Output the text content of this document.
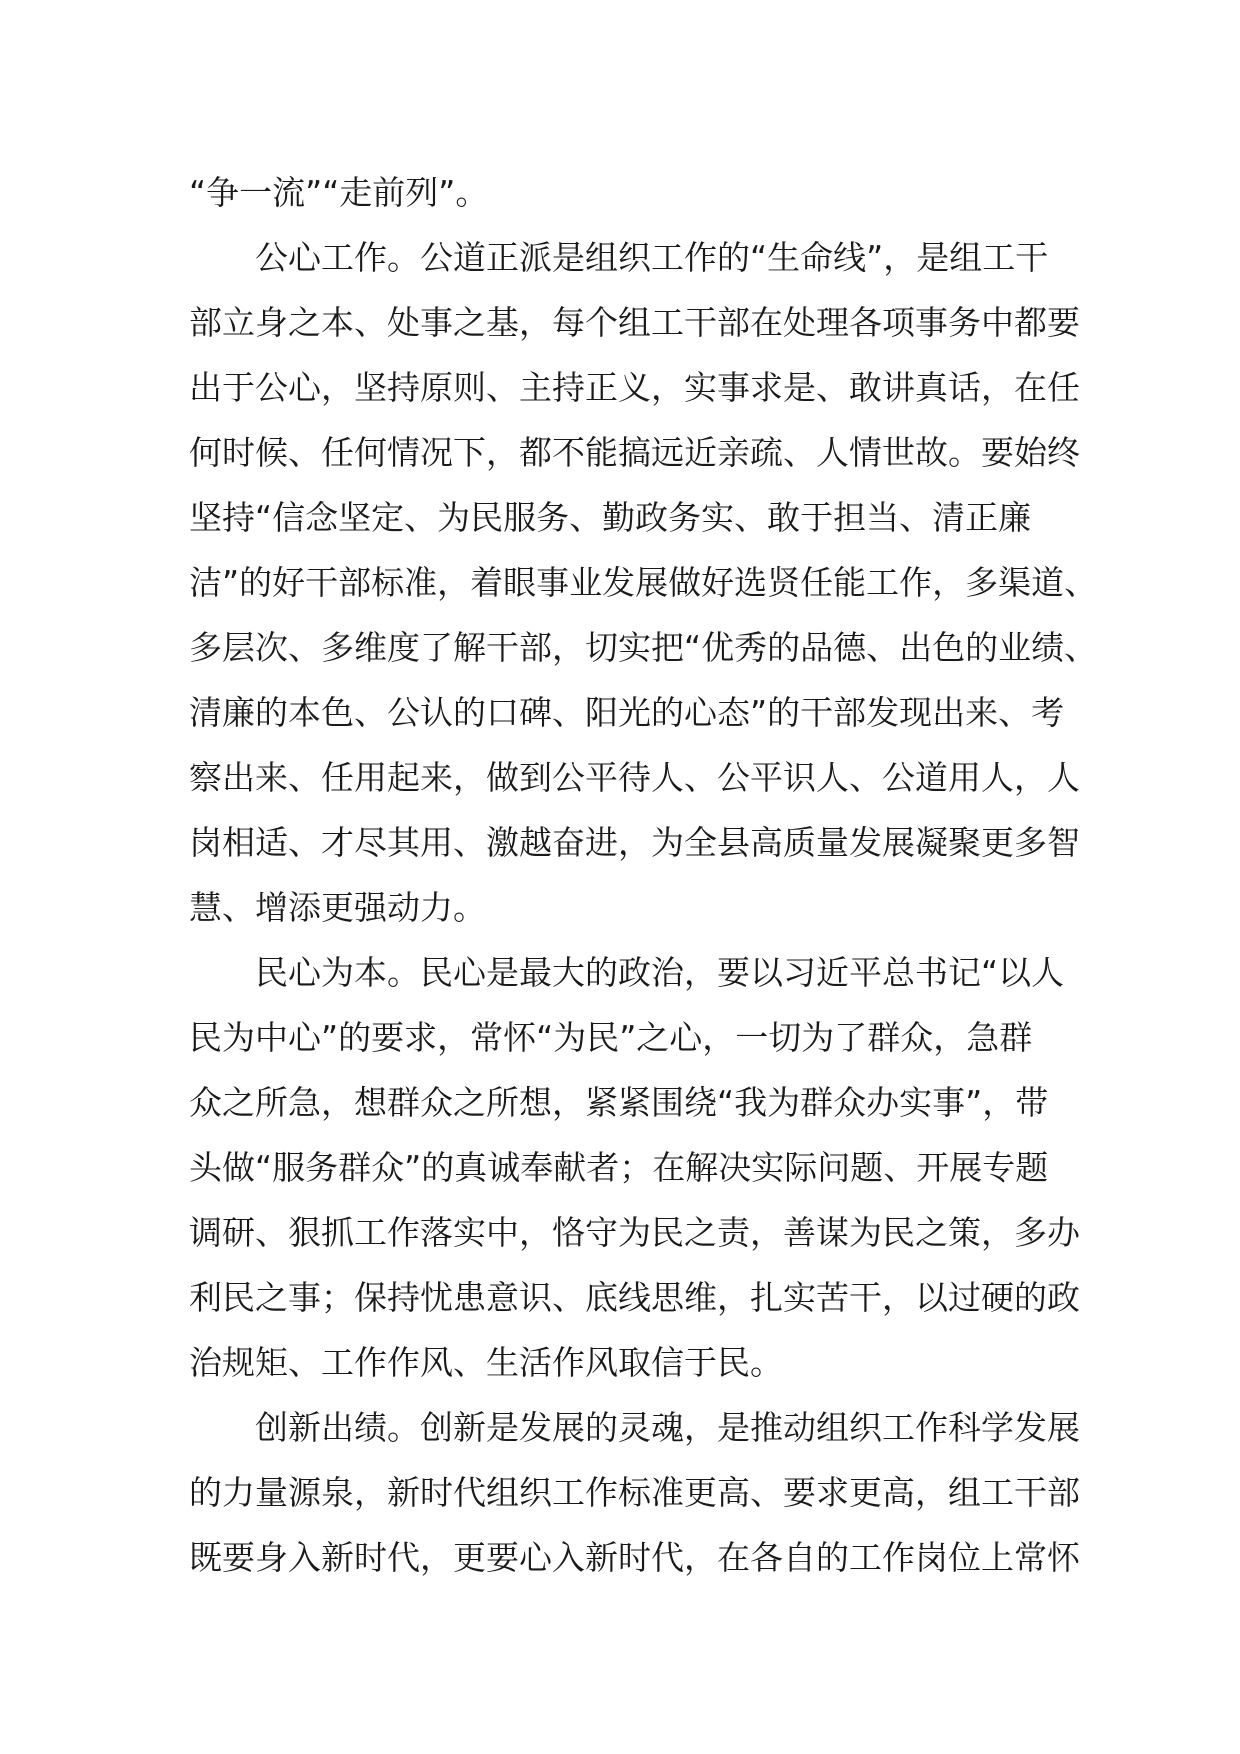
“争一流”“走前列”。
公心工作。公道正派是组织工作的“生命线”，是组工干
部立身之本、处事之基，每个组工干部在处理各项事务中都要
出于公心，坚持原则、主持正义，实事求是、敢讲真话，在任
何时候、任何情况下，都不能搞远近亲疏、人情世故。要始终
坚持“信念坚定、为民服务、勤政务实、敢于担当、清正廉
洁”的好干部标准，着眼事业发展做好选贤任能工作，多渠道、
多层次、多维度了解干部，切实把“优秀的品德、出色的业绩、
清廉的本色、公认的口碑、阳光的心态”的干部发现出来、考
察出来、任用起来，做到公平待人、公平识人、公道用人，人
岗相适、才尽其用、激越奋进，为全县高质量发展凝聚更多智
慧、增添更强动力。
民心为本。民心是最大的政治，要以习近平总书记“以人
民为中心”的要求，常怀“为民”之心，一切为了群众，急群
众之所急，想群众之所想，紧紧围绕“我为群众办实事”，带
头做“服务群众”的真诚奉献者；在解决实际问题、开展专题
调研、狠抓工作落实中，恪守为民之责，善谋为民之策，多办
利民之事；保持忧患意识、底线思维，扎实苦干，以过硬的政
治规矩、工作作风、生活作风取信于民。
创新出绩。创新是发展的灵魂，是推动组织工作科学发展
的力量源泉，新时代组织工作标准更高、要求更高，组工干部
既要身入新时代，更要心入新时代，在各自的工作岗位上常怀
